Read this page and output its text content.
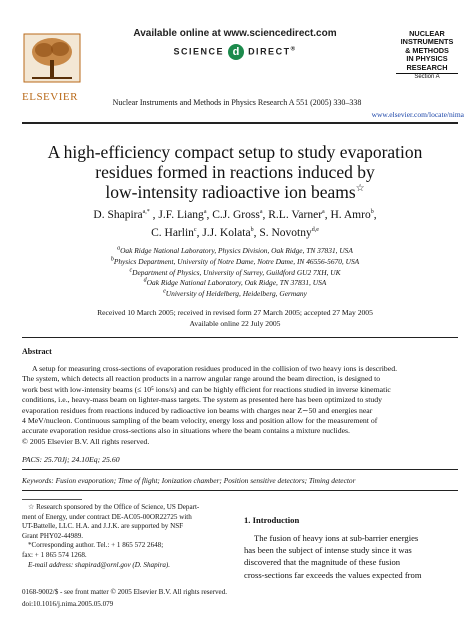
ELSEVIER
Available online at www.sciencedirect.com
SCIENCE d DIRECT®
Nuclear Instruments and Methods in Physics Research A 551 (2005) 330–338
NUCLEAR
INSTRUMENTS
& METHODS
IN PHYSICS
RESEARCH
Section A
www.elsevier.com/locate/nima
A high-efficiency compact setup to study evaporation
residues formed in reactions induced by
low-intensity radioactive ion beams☆
D. Shapira$^{a,*}$ , J.F. Liang$^a$, C.J. Gross$^a$, R.L. Varner$^a$, H. Amro$^b$,
C. Harlin$^c$, J.J. Kolata$^b$, S. Novotny$^{d,e}$
$^a$Oak Ridge National Laboratory, Physics Division, Oak Ridge, TN 37831, USA
$^b$Physics Department, University of Notre Dame, Notre Dame, IN 46556-5670, USA
$^c$Department of Physics, University of Surrey, Guildford GU2 7XH, UK
$^d$Oak Ridge National Laboratory, Oak Ridge, TN 37831, USA
$^e$University of Heidelberg, Heidelberg, Germany
Received 10 March 2005; received in revised form 27 March 2005; accepted 27 May 2005
Available online 22 July 2005
Abstract
A setup for measuring cross-sections of evaporation residues produced in the collision of two heavy ions is described.
The system, which detects all reaction products in a narrow angular range around the beam direction, is designed to
work best with low-intensity beams (≤ 10⁵ ions/s) and can be highly efficient for reactions studied in inverse kinematic
conditions, i.e., heavy-mass beam on lighter-mass targets. The system as presented here has been optimized to study
evaporation residues from reactions induced by radioactive ion beams with charges near Z∼50 and energies near
4 MeV/nucleon. Continuous sampling of the beam velocity, energy loss and position allow for the measurement of
accurate evaporation residue cross-sections also in situations where the beam contains a mixture nuclides.
© 2005 Elsevier B.V. All rights reserved.
PACS: 25.70Jj; 24.10Eq; 25.60
Keywords: Fusion evaporation; Time of flight; Ionization chamber; Position sensitive detectors; Timing detector
☆ Research sponsored by the Office of Science, US Depart-
ment of Energy, under contract DE-AC05-00OR22725 with
UT-Battelle, LLC. H.A. and J.J.K. are supported by NSF
Grant PHY02-44989.
*Corresponding author. Tel.: + 1 865 572 2648;
fax: + 1 865 574 1268.
E-mail address: shapirad@ornl.gov (D. Shapira).
1. Introduction
The fusion of heavy ions at sub-barrier energies
has been the subject of intense study since it was
discovered that the magnitude of these fusion
cross-sections far exceeds the values expected from
0168-9002/$ - see front matter © 2005 Elsevier B.V. All rights reserved.
doi:10.1016/j.nima.2005.05.079
